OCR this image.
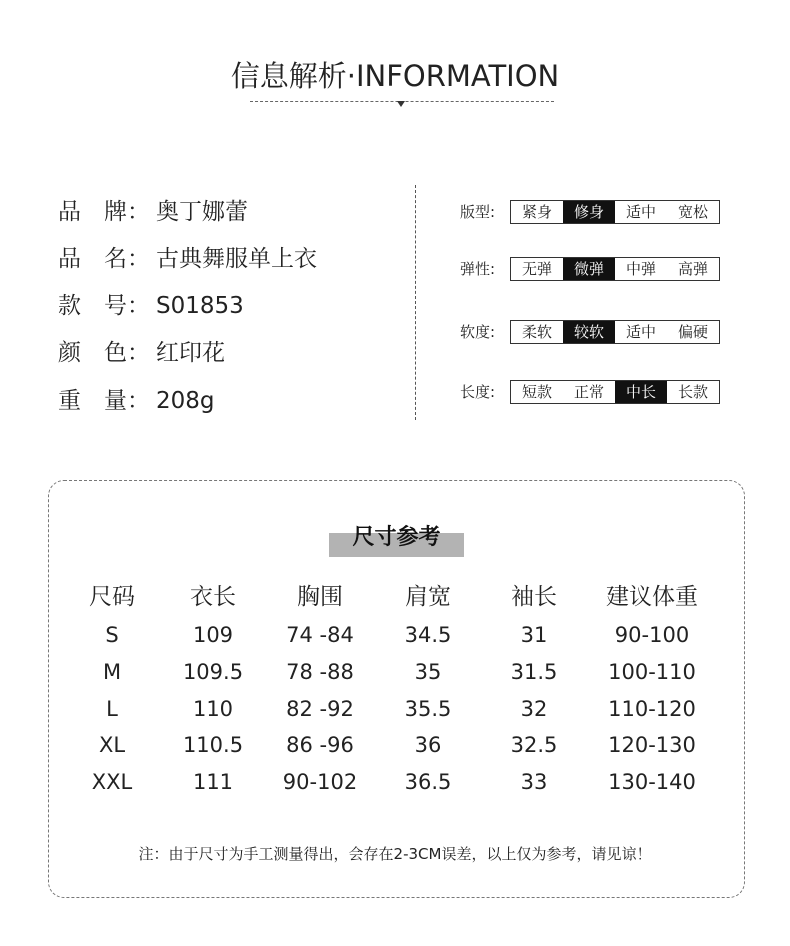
信息解析·INFORMATION
品　牌： 奥丁娜蕾
品　名： 古典舞服单上衣
款　号： S01853
颜　色： 红印花
重　量： 208g
版型:	紧身	修身	适中	宽松
弹性:	无弹	微弹	中弹	高弹
软度:	柔软	较软	适中	偏硬
长度:	短款	正常	中长	长款
尺寸参考
尺码	衣长	胸围	肩宽	袖长	建议体重
S	109	74 -84	34.5	31	90-100
M	109.5	78 -88	35	31.5	100-110
L	110	82 -92	35.5	32	110-120
XL	110.5	86 -96	36	32.5	120-130
XXL	111	90-102	36.5	33	130-140
注：由于尺寸为手工测量得出，会存在2-3CM误差，以上仅为参考，请见谅！
